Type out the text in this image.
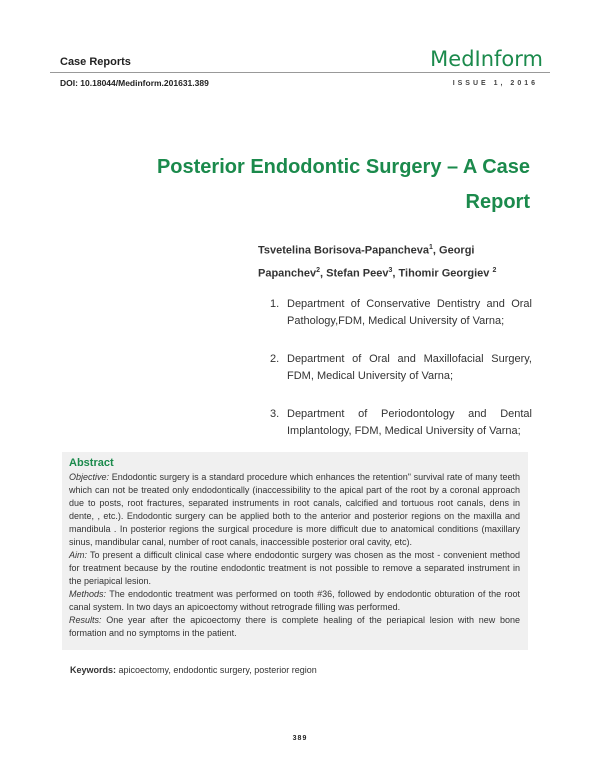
Case Reports	MedInform
DOI: 10.18044/Medinform.201631.389	ISSUE 1, 2016
Posterior Endodontic Surgery – A Case Report
Tsvetelina Borisova-Papancheva$^1$, Georgi Papanchev$^2$, Stefan Peev$^3$, Tihomir Georgiev $^2$
1. Department of Conservative Dentistry and Oral Pathology,FDM, Medical University of Varna;
2. Department of Oral and Maxillofacial Surgery, FDM, Medical University of Varna;
3. Department of Periodontology and Dental Implantology, FDM, Medical University of Varna;
Abstract

Objective: Endodontic surgery is a standard procedure which enhances the retention" survival rate of many teeth which can not be treated only endodontically (inaccessibility to the apical part of the root by a coronal approach due to posts, root fractures, separated instruments in root canals, calcified and tortuous root canals, dens in dente, , etc.). Endodontic surgery can be applied both to the anterior and posterior regions on the maxilla and mandibula . In posterior regions the surgical procedure is more difficult due to anatomical conditions (maxillary sinus, mandibular canal, number of root canals, inaccessible posterior oral cavity, etc).

Aim: To present a difficult clinical case where endodontic surgery was chosen as the most - convenient method for treatment because by the routine endodontic treatment is not possible to remove a separated instrument in the periapical lesion.

Methods: The endodontic treatment was performed on tooth #36, followed by endodontic obturation of the root canal system. In two days an apicoectomy without retrograde filling was performed.

Results: One year after the apicoectomy there is complete healing of the periapical lesion with new bone formation and no symptoms in the patient.

Keywords: apicoectomy, endodontic surgery, posterior region
389
